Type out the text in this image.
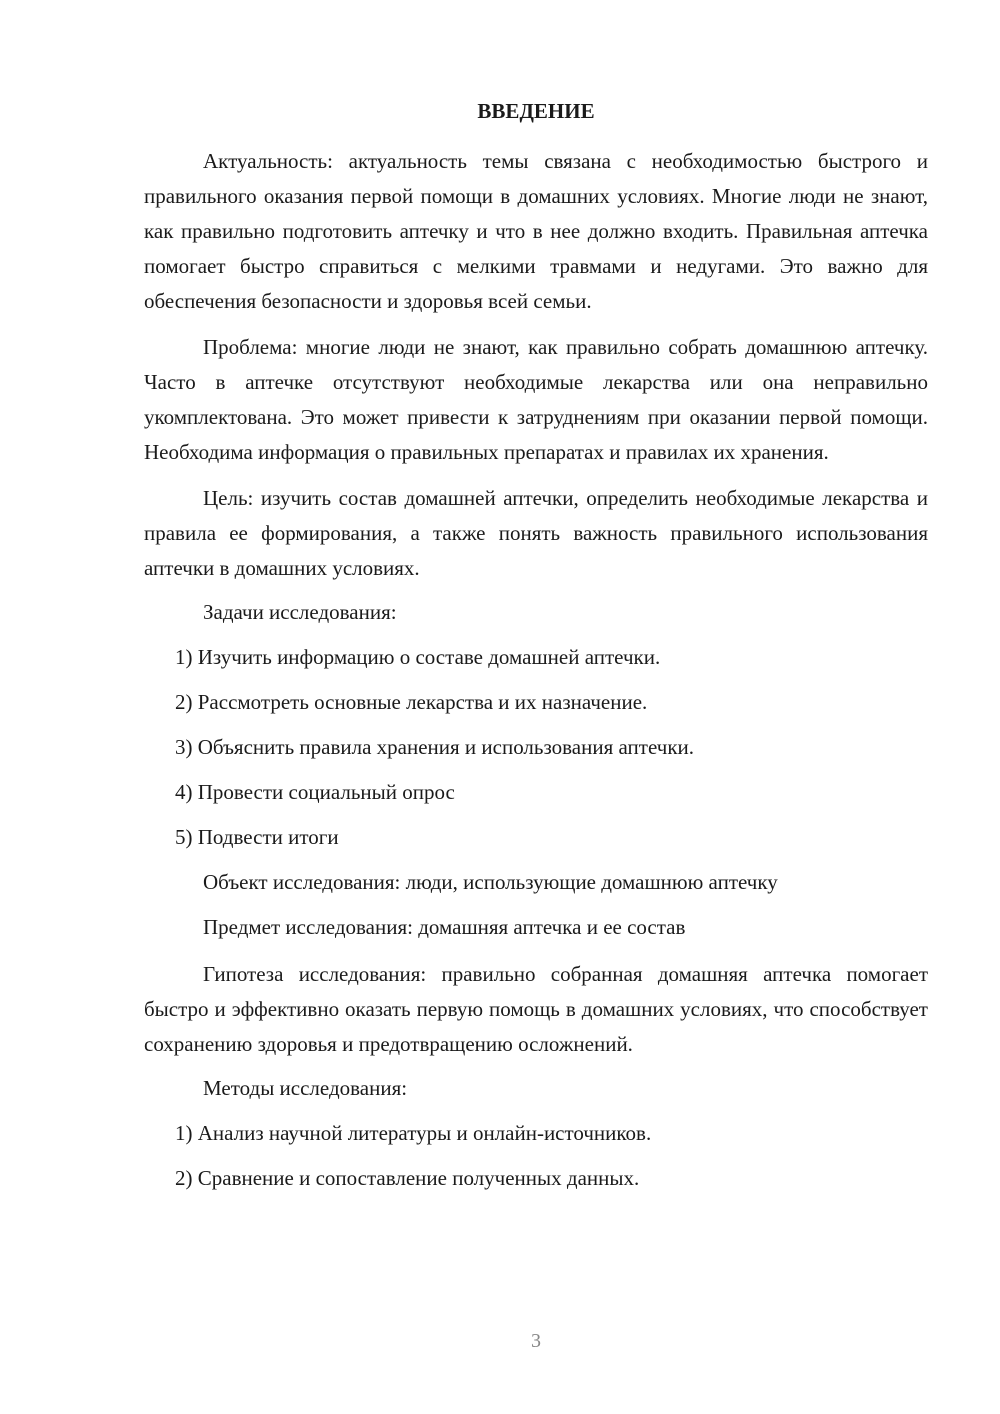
ВВЕДЕНИЕ

Актуальность: актуальность темы связана с необходимостью быстрого и правильного оказания первой помощи в домашних условиях. Многие люди не знают, как правильно подготовить аптечку и что в нее должно входить. Правильная аптечка помогает быстро справиться с мелкими травмами и недугами. Это важно для обеспечения безопасности и здоровья всей семьи.

Проблема: многие люди не знают, как правильно собрать домашнюю аптечку. Часто в аптечке отсутствуют необходимые лекарства или она неправильно укомплектована. Это может привести к затруднениям при оказании первой помощи. Необходима информация о правильных препаратах и правилах их хранения.

Цель: изучить состав домашней аптечки, определить необходимые лекарства и правила ее формирования, а также понять важность правильного использования аптечки в домашних условиях.

Задачи исследования:
1) Изучить информацию о составе домашней аптечки.
2) Рассмотреть основные лекарства и их назначение.
3) Объяснить правила хранения и использования аптечки.
4) Провести социальный опрос
5) Подвести итоги
Объект исследования: люди, использующие домашнюю аптечку
Предмет исследования: домашняя аптечка и ее состав

Гипотеза исследования: правильно собранная домашняя аптечка помогает быстро и эффективно оказать первую помощь в домашних условиях, что способствует сохранению здоровья и предотвращению осложнений.

Методы исследования:
1) Анализ научной литературы и онлайн-источников.
2) Сравнение и сопоставление полученных данных.
3
